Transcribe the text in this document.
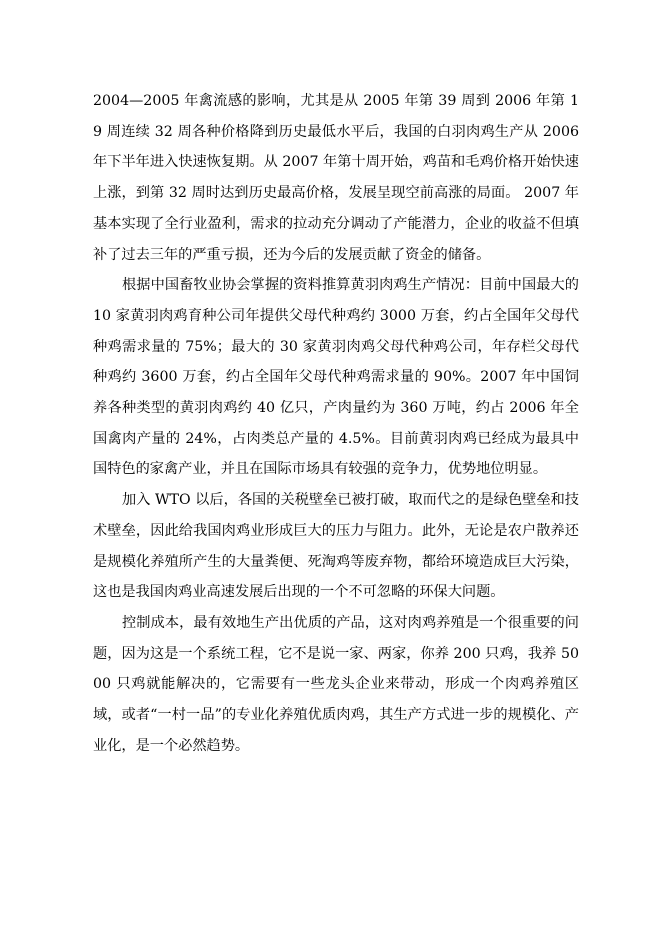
2004—2005 年禽流感的影响，尤其是从 2005 年第 39 周到 2006 年第 19 周连续 32 周各种价格降到历史最低水平后，我国的白羽肉鸡生产从 2006 年下半年进入快速恢复期。从 2007 年第十周开始，鸡苗和毛鸡价格开始快速上涨，到第 32 周时达到历史最高价格，发展呈现空前高涨的局面。 2007 年基本实现了全行业盈利，需求的拉动充分调动了产能潜力，企业的收益不但填补了过去三年的严重亏损，还为今后的发展贡献了资金的储备。

根据中国畜牧业协会掌握的资料推算黄羽肉鸡生产情况：目前中国最大的 10 家黄羽肉鸡育种公司年提供父母代种鸡约 3000 万套，约占全国年父母代种鸡需求量的 75%；最大的 30 家黄羽肉鸡父母代种鸡公司，年存栏父母代种鸡约 3600 万套，约占全国年父母代种鸡需求量的 90%。2007 年中国饲养各种类型的黄羽肉鸡约 40 亿只，产肉量约为 360 万吨，约占 2006 年全国禽肉产量的 24%，占肉类总产量的 4.5%。目前黄羽肉鸡已经成为最具中国特色的家禽产业，并且在国际市场具有较强的竞争力，优势地位明显。

加入 WTO 以后，各国的关税壁垒已被打破，取而代之的是绿色壁垒和技术壁垒，因此给我国肉鸡业形成巨大的压力与阻力。此外，无论是农户散养还是规模化养殖所产生的大量粪便、死淘鸡等废弃物，都给环境造成巨大污染，这也是我国肉鸡业高速发展后出现的一个不可忽略的环保大问题。

控制成本，最有效地生产出优质的产品，这对肉鸡养殖是一个很重要的问题，因为这是一个系统工程，它不是说一家、两家，你养 200 只鸡，我养 5000 只鸡就能解决的，它需要有一些龙头企业来带动，形成一个肉鸡养殖区域，或者“一村一品”的专业化养殖优质肉鸡，其生产方式进一步的规模化、产业化，是一个必然趋势。
